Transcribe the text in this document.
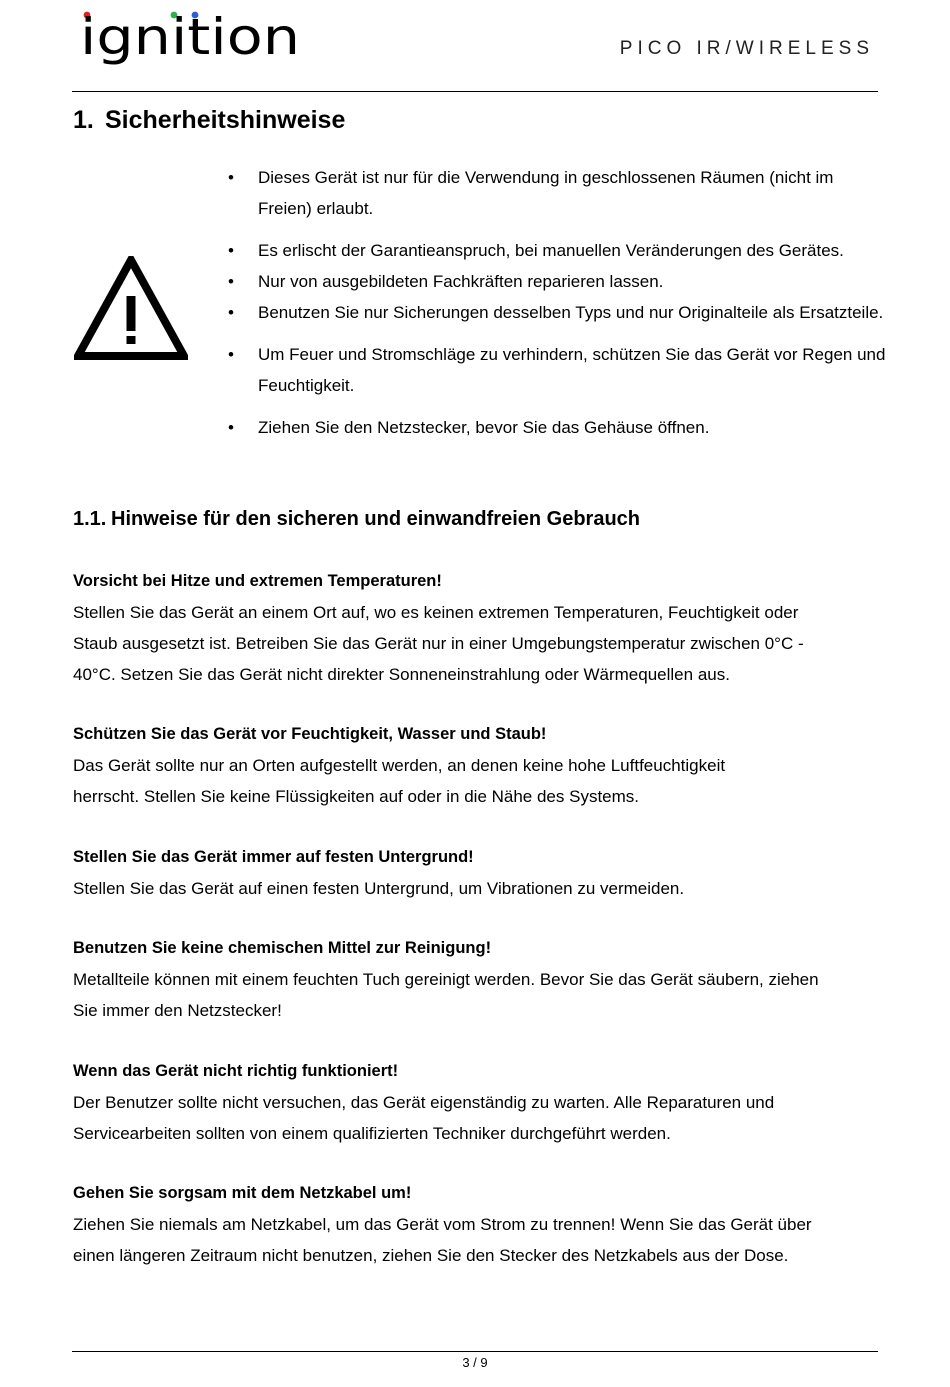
ignition	PICO IR/WIRELESS
1. Sicherheitshinweise
• Dieses Gerät ist nur für die Verwendung in geschlossenen Räumen (nicht im Freien) erlaubt.
• Es erlischt der Garantieanspruch, bei manuellen Veränderungen des Gerätes.
• Nur von ausgebildeten Fachkräften reparieren lassen.
• Benutzen Sie nur Sicherungen desselben Typs und nur Originalteile als Ersatzteile.
• Um Feuer und Stromschläge zu verhindern, schützen Sie das Gerät vor Regen und Feuchtigkeit.
• Ziehen Sie den Netzstecker, bevor Sie das Gehäuse öffnen.
1.1. Hinweise für den sicheren und einwandfreien Gebrauch
Vorsicht bei Hitze und extremen Temperaturen!
Stellen Sie das Gerät an einem Ort auf, wo es keinen extremen Temperaturen, Feuchtigkeit oder
Staub ausgesetzt ist. Betreiben Sie das Gerät nur in einer Umgebungstemperatur zwischen 0°C -
40°C. Setzen Sie das Gerät nicht direkter Sonneneinstrahlung oder Wärmequellen aus.
Schützen Sie das Gerät vor Feuchtigkeit, Wasser und Staub!
Das Gerät sollte nur an Orten aufgestellt werden, an denen keine hohe Luftfeuchtigkeit
herrscht. Stellen Sie keine Flüssigkeiten auf oder in die Nähe des Systems.
Stellen Sie das Gerät immer auf festen Untergrund!
Stellen Sie das Gerät auf einen festen Untergrund, um Vibrationen zu vermeiden.
Benutzen Sie keine chemischen Mittel zur Reinigung!
Metallteile können mit einem feuchten Tuch gereinigt werden. Bevor Sie das Gerät säubern, ziehen
Sie immer den Netzstecker!
Wenn das Gerät nicht richtig funktioniert!
Der Benutzer sollte nicht versuchen, das Gerät eigenständig zu warten. Alle Reparaturen und
Servicearbeiten sollten von einem qualifizierten Techniker durchgeführt werden.
Gehen Sie sorgsam mit dem Netzkabel um!
Ziehen Sie niemals am Netzkabel, um das Gerät vom Strom zu trennen! Wenn Sie das Gerät über
einen längeren Zeitraum nicht benutzen, ziehen Sie den Stecker des Netzkabels aus der Dose.
3 / 9
